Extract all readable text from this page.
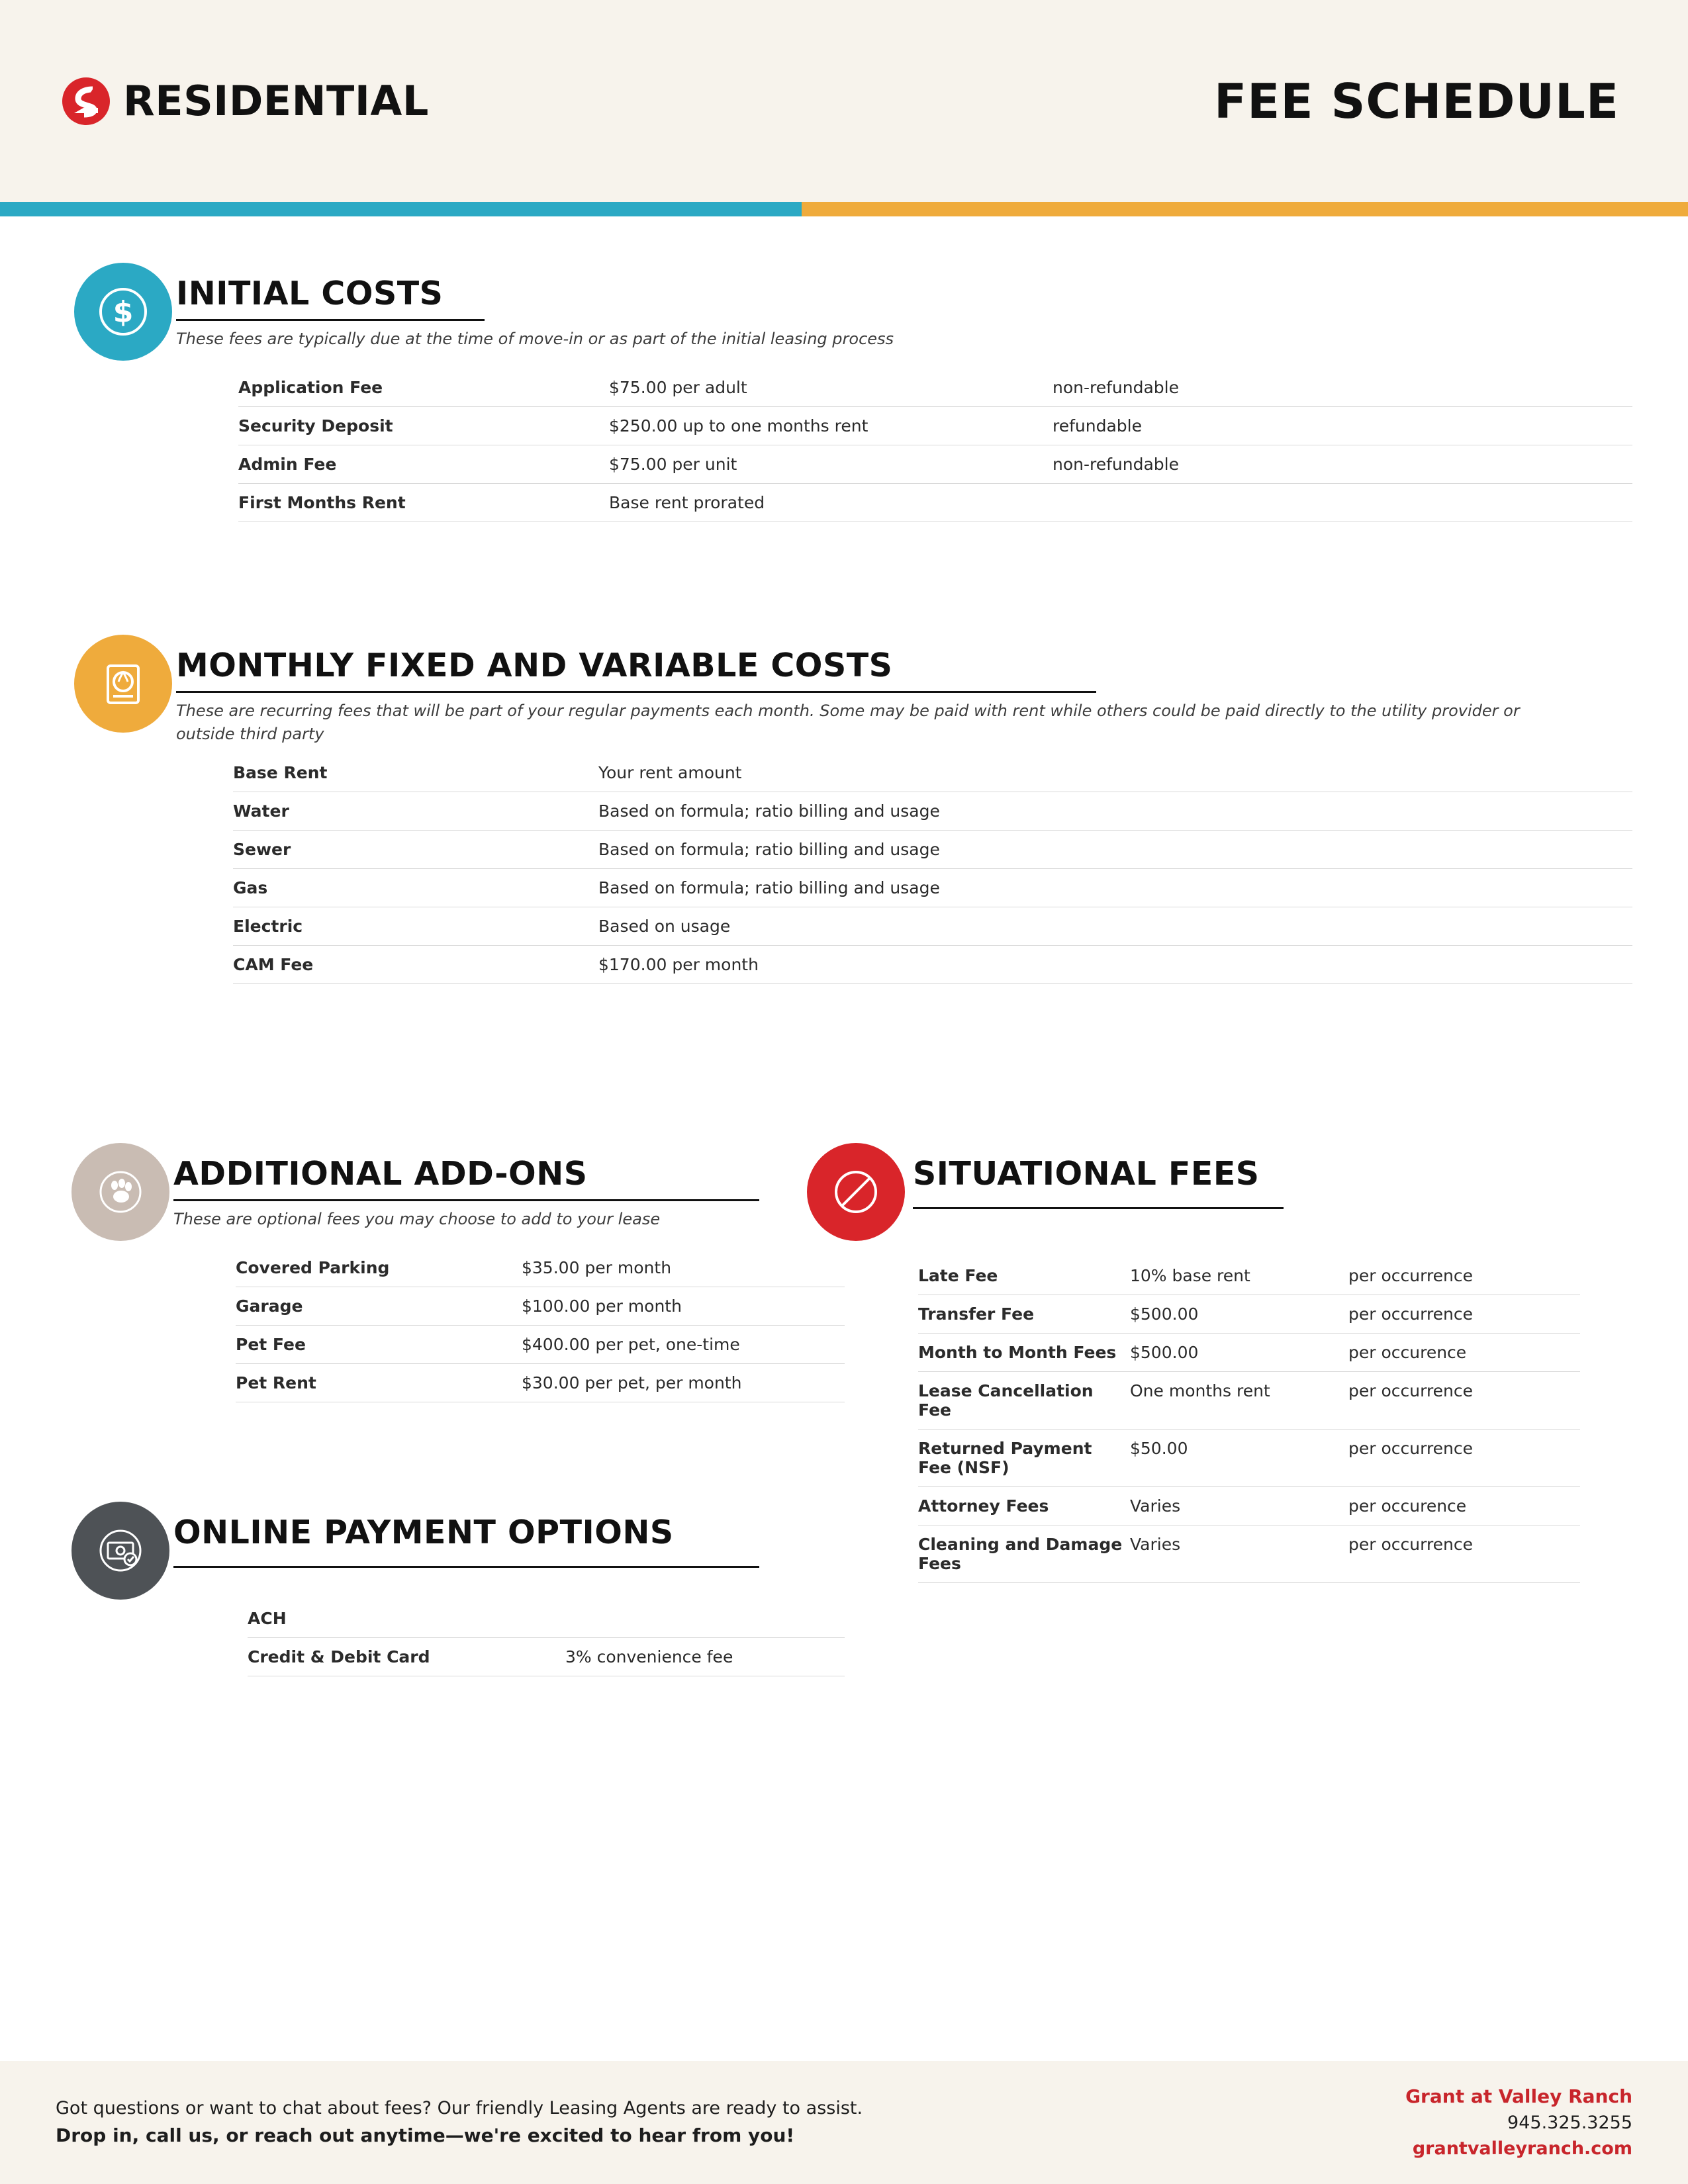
RESIDENTIAL	FEE SCHEDULE
$	INITIAL COSTS
These fees are typically due at the time of move-in or as part of the initial leasing process
Application Fee	$75.00 per adult	non-refundable
Security Deposit	$250.00 up to one months rent	refundable
Admin Fee	$75.00 per unit	non-refundable
First Months Rent	Base rent prorated	
MONTHLY FIXED AND VARIABLE COSTS
These are recurring fees that will be part of your regular payments each month. Some may be paid with rent while others could be paid directly to the utility provider or outside third party
Base Rent	Your rent amount
Water	Based on formula; ratio billing and usage
Sewer	Based on formula; ratio billing and usage
Gas	Based on formula; ratio billing and usage
Electric	Based on usage
CAM Fee	$170.00 per month
ADDITIONAL ADD-ONS
These are optional fees you may choose to add to your lease
Covered Parking	$35.00 per month
Garage	$100.00 per month
Pet Fee	$400.00 per pet, one-time
Pet Rent	$30.00 per pet, per month
ONLINE PAYMENT OPTIONS
ACH	
Credit & Debit Card	3% convenience fee
SITUATIONAL FEES
Late Fee	10% base rent	per occurrence
Transfer Fee	$500.00	per occurrence
Month to Month Fees	$500.00	per occurence
Lease Cancellation Fee	One months rent	per occurrence
Returned Payment Fee (NSF)	$50.00	per occurrence
Attorney Fees	Varies	per occurence
Cleaning and Damage Fees	Varies	per occurrence
Got questions or want to chat about fees? Our friendly Leasing Agents are ready to assist.
Drop in, call us, or reach out anytime—we're excited to hear from you!
Grant at Valley Ranch
945.325.3255
grantvalleyranch.com
